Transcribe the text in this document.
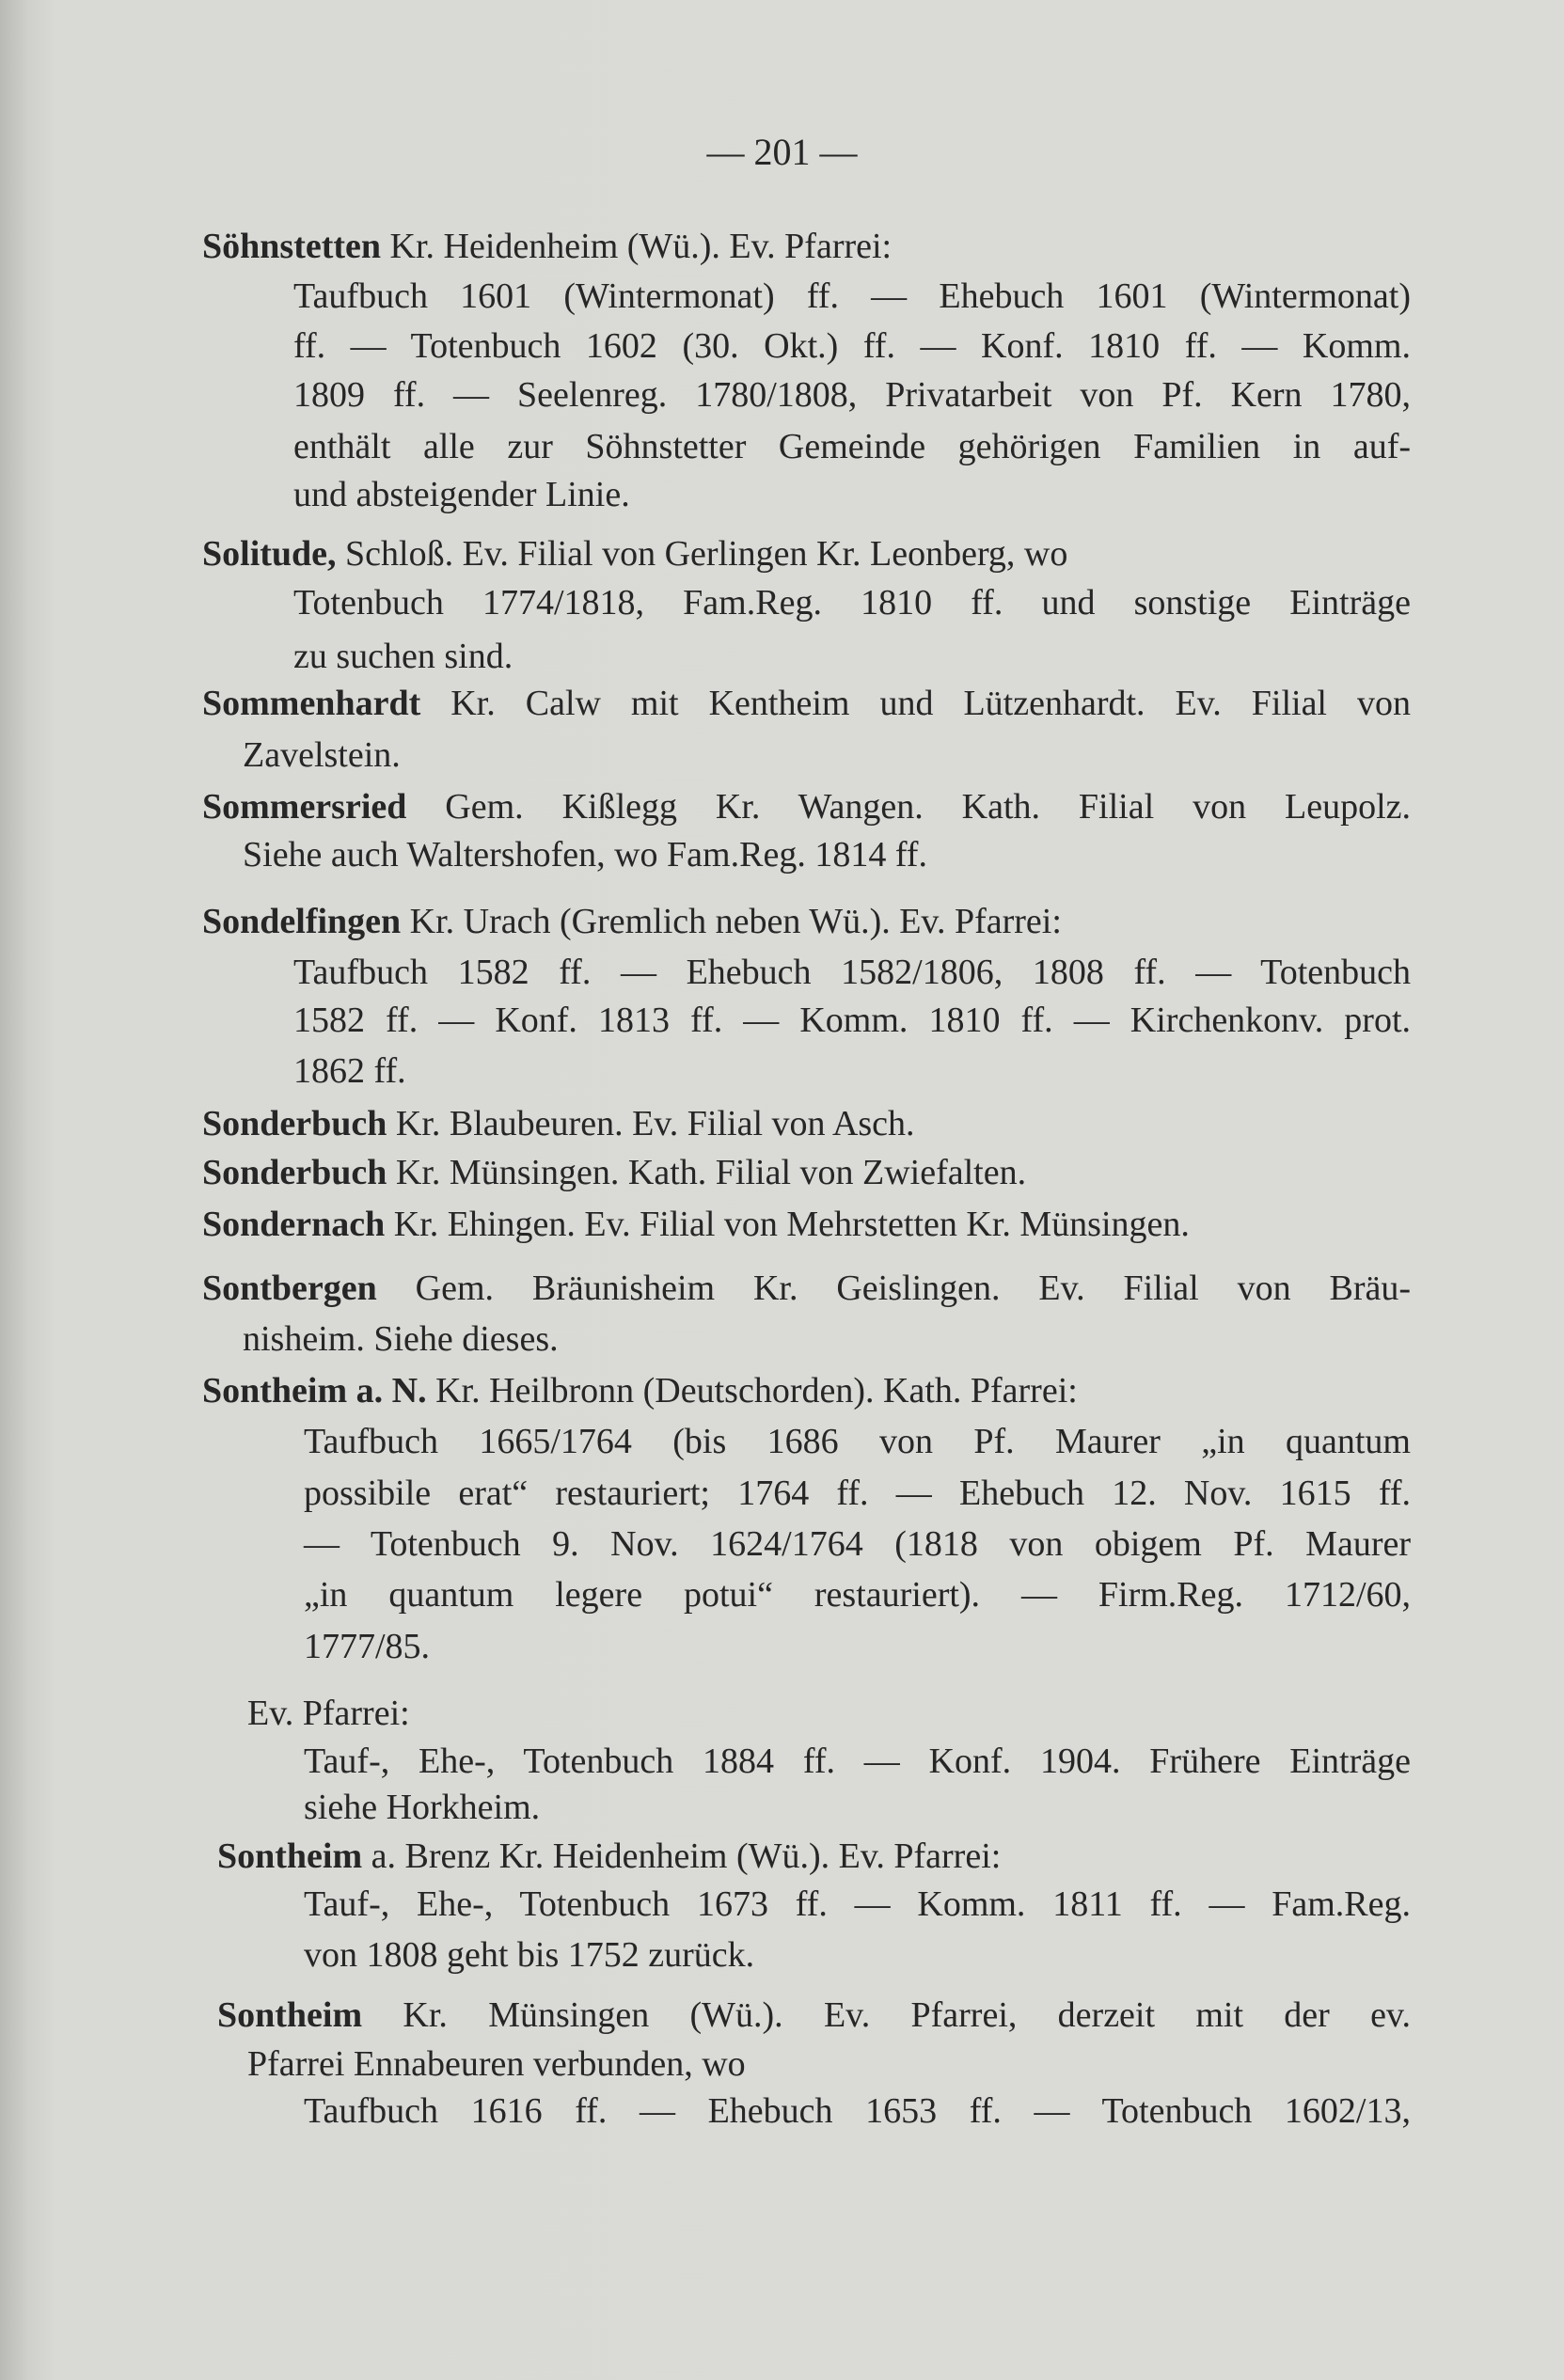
— 201 —
Söhnstetten Kr. Heidenheim (Wü.). Ev. Pfarrei:
Taufbuch 1601 (Wintermonat) ff. — Ehebuch 1601 (Wintermonat)
ff. — Totenbuch 1602 (30. Okt.) ff. — Konf. 1810 ff. — Komm.
1809 ff. — Seelenreg. 1780/1808, Privatarbeit von Pf. Kern 1780,
enthält alle zur Söhnstetter Gemeinde gehörigen Familien in auf-
und absteigender Linie.
Solitude, Schloß. Ev. Filial von Gerlingen Kr. Leonberg, wo
Totenbuch 1774/1818, Fam.Reg. 1810 ff. und sonstige Einträge
zu suchen sind.
Sommenhardt Kr. Calw mit Kentheim und Lützenhardt. Ev. Filial von
Zavelstein.
Sommersried Gem. Kißlegg Kr. Wangen. Kath. Filial von Leupolz.
Siehe auch Waltershofen, wo Fam.Reg. 1814 ff.
Sondelfingen Kr. Urach (Gremlich neben Wü.). Ev. Pfarrei:
Taufbuch 1582 ff. — Ehebuch 1582/1806, 1808 ff. — Totenbuch
1582 ff. — Konf. 1813 ff. — Komm. 1810 ff. — Kirchenkonv. prot.
1862 ff.
Sonderbuch Kr. Blaubeuren. Ev. Filial von Asch.
Sonderbuch Kr. Münsingen. Kath. Filial von Zwiefalten.
Sondernach Kr. Ehingen. Ev. Filial von Mehrstetten Kr. Münsingen.
Sontbergen Gem. Bräunisheim Kr. Geislingen. Ev. Filial von Bräu-
nisheim. Siehe dieses.
Sontheim a. N. Kr. Heilbronn (Deutschorden). Kath. Pfarrei:
Taufbuch 1665/1764 (bis 1686 von Pf. Maurer „in quantum
possibile erat“ restauriert; 1764 ff. — Ehebuch 12. Nov. 1615 ff.
— Totenbuch 9. Nov. 1624/1764 (1818 von obigem Pf. Maurer
„in quantum legere potui“ restauriert). — Firm.Reg. 1712/60,
1777/85.
Ev. Pfarrei:
Tauf-, Ehe-, Totenbuch 1884 ff. — Konf. 1904. Frühere Einträge
siehe Horkheim.
Sontheim a. Brenz Kr. Heidenheim (Wü.). Ev. Pfarrei:
Tauf-, Ehe-, Totenbuch 1673 ff. — Komm. 1811 ff. — Fam.Reg.
von 1808 geht bis 1752 zurück.
Sontheim Kr. Münsingen (Wü.). Ev. Pfarrei, derzeit mit der ev.
Pfarrei Ennabeuren verbunden, wo
Taufbuch 1616 ff. — Ehebuch 1653 ff. — Totenbuch 1602/13,
